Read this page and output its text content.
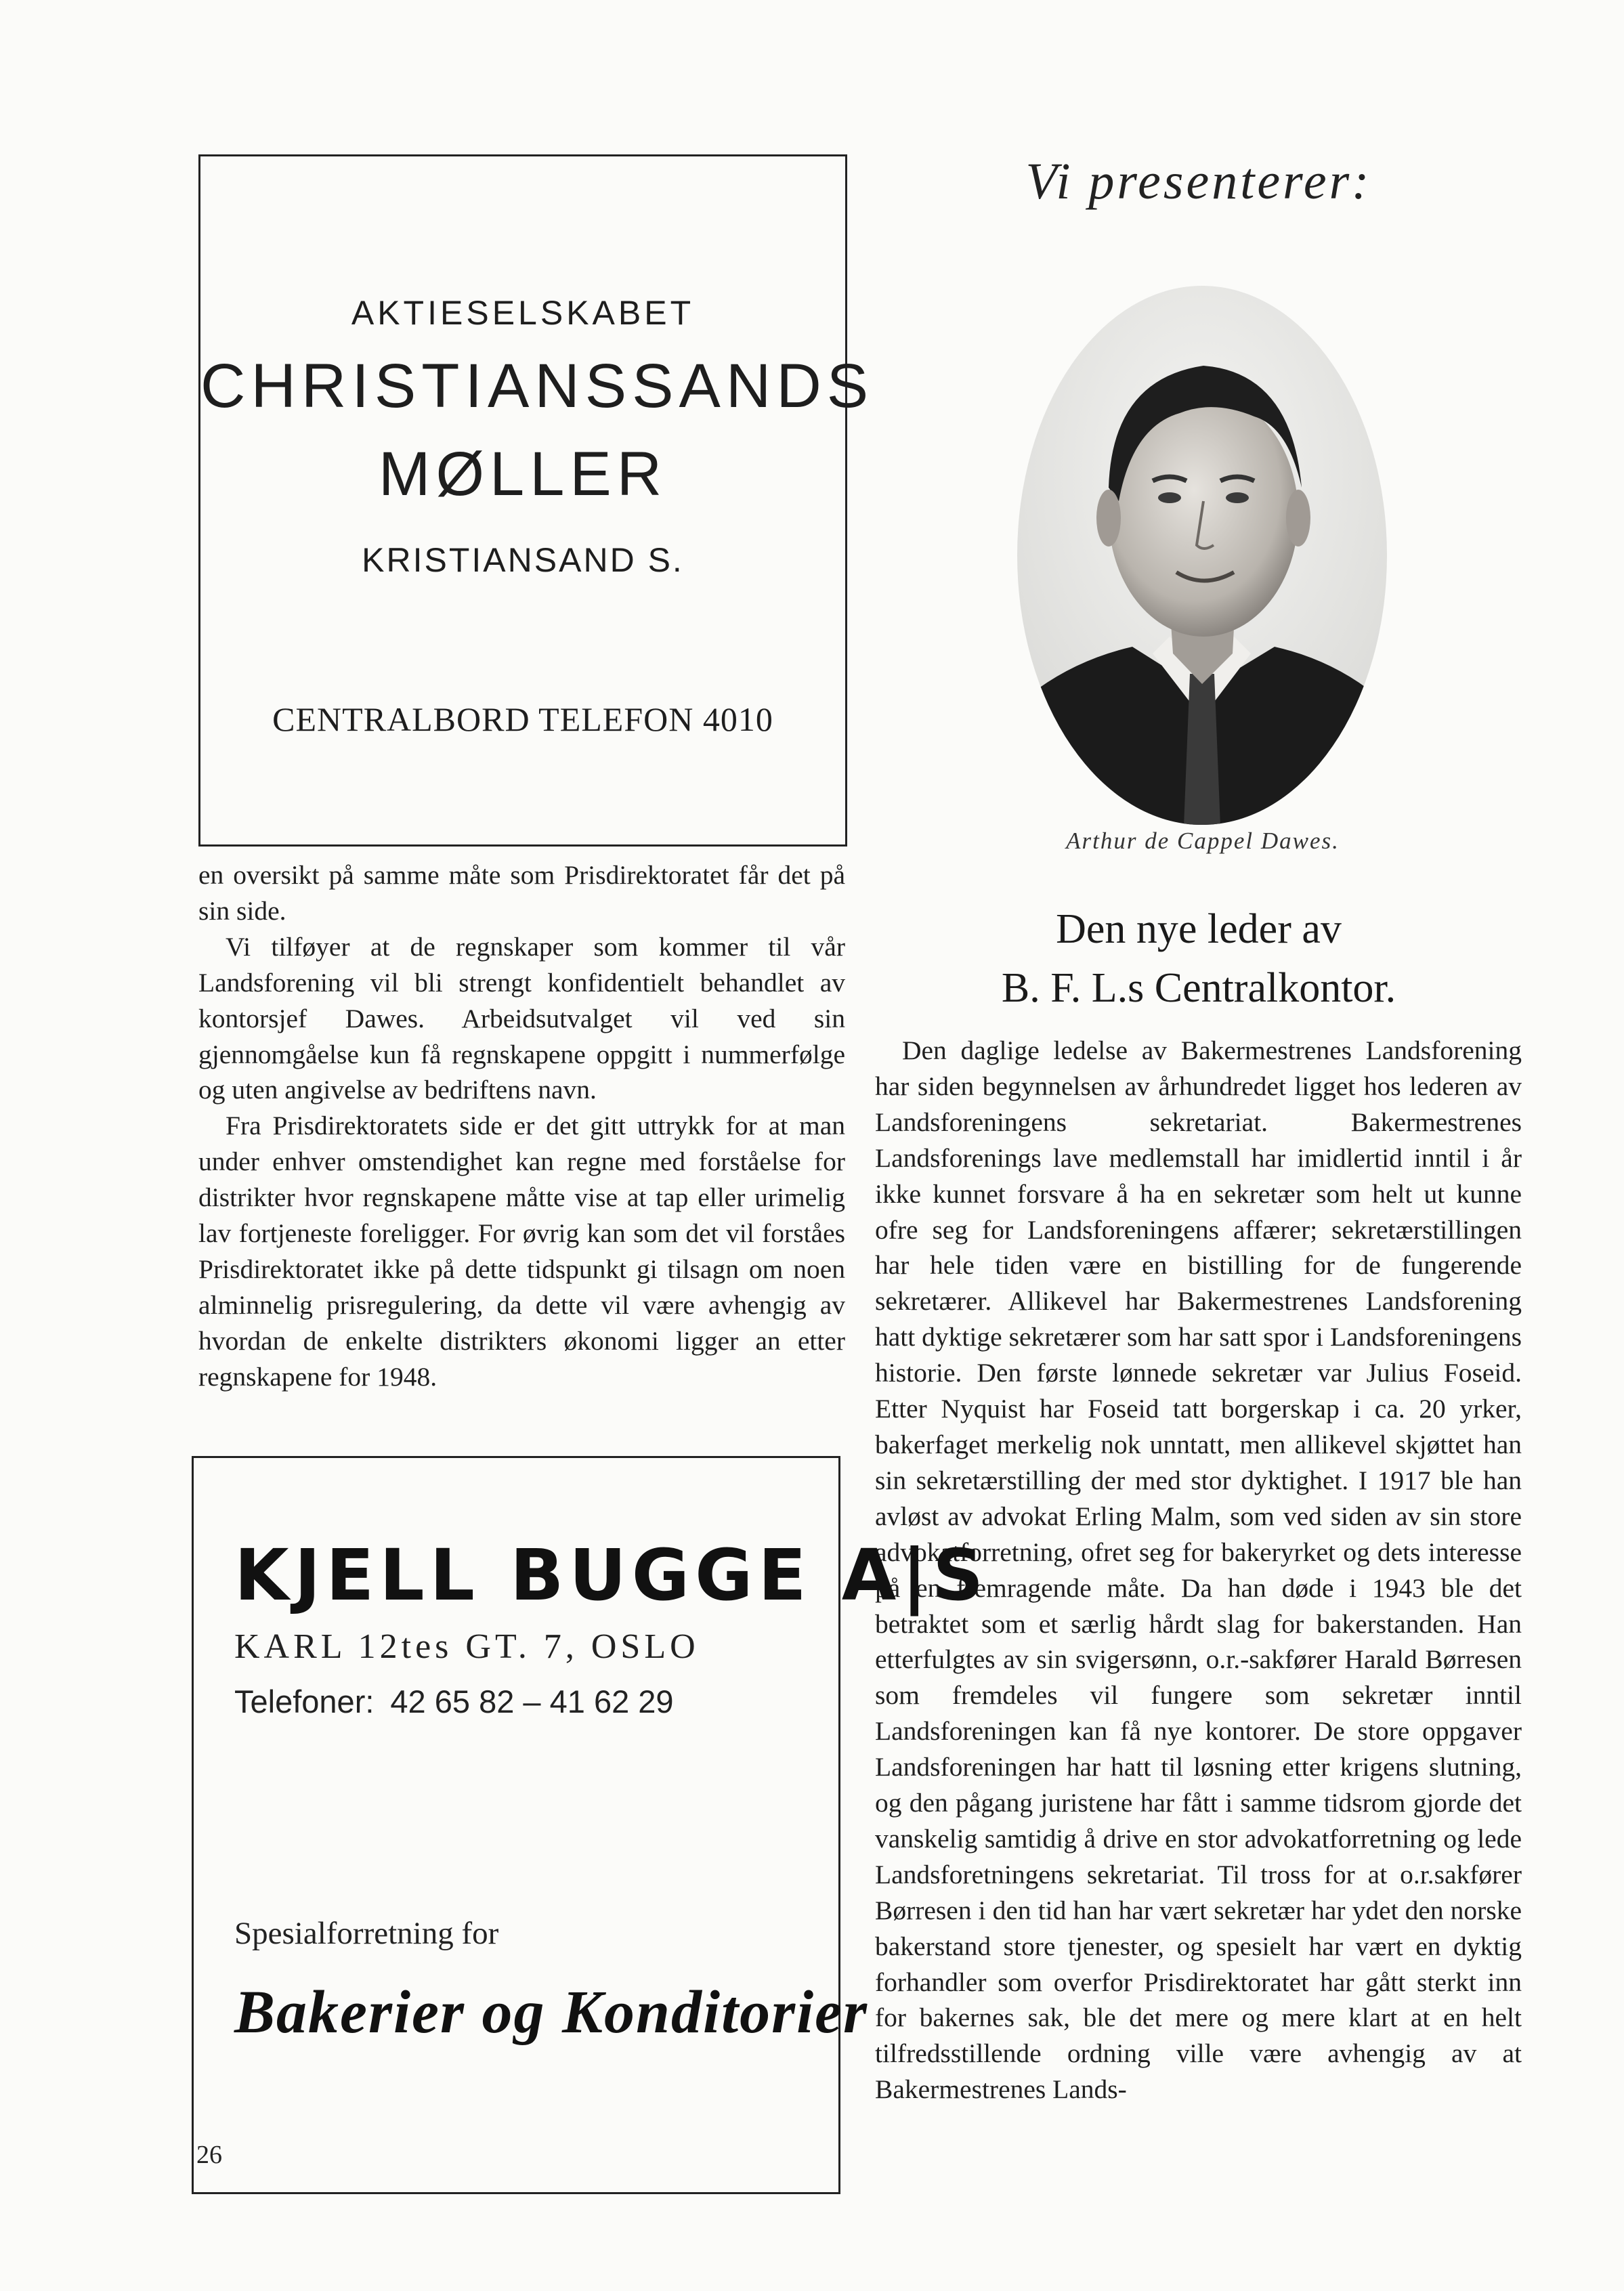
AKTIESELSKABET
CHRISTIANSSANDS
MØLLER
KRISTIANSAND S.
CENTRALBORD TELEFON 4010
Vi presenterer:
Arthur de Cappel Dawes.
Den nye leder av
B. F. L.s Centralkontor.

en oversikt på samme måte som Prisdirektoratet får det på sin side.

Vi tilføyer at de regnskaper som kommer til vår Landsforening vil bli strengt konfidentielt behandlet av kontorsjef Dawes. Arbeidsutvalget vil ved sin gjennomgåelse kun få regnskapene oppgitt i nummerfølge og uten angivelse av bedriftens navn.

Fra Prisdirektoratets side er det gitt uttrykk for at man under enhver omstendighet kan regne med forståelse for distrikter hvor regnskapene måtte vise at tap eller urimelig lav fortjeneste foreligger. For øvrig kan som det vil forståes Prisdirektoratet ikke på dette tidspunkt gi tilsagn om noen alminnelig prisregulering, da dette vil være avhengig av hvordan de enkelte distrikters økonomi ligger an etter regnskapene for 1948.

Den daglige ledelse av Bakermestrenes Landsforening har siden begynnelsen av århundredet ligget hos lederen av Landsforeningens sekretariat. Bakermestrenes Landsforenings lave medlemstall har imidlertid inntil i år ikke kunnet forsvare å ha en sekretær som helt ut kunne ofre seg for Landsforeningens affærer; sekretærstillingen har hele tiden være en bistilling for de fungerende sekretærer. Allikevel har Bakermestrenes Landsforening hatt dyktige sekretærer som har satt spor i Landsforeningens historie. Den første lønnede sekretær var Julius Foseid. Etter Nyquist har Foseid tatt borgerskap i ca. 20 yrker, bakerfaget merkelig nok unntatt, men allikevel skjøttet han sin sekretærstilling der med stor dyktighet. I 1917 ble han avløst av advokat Erling Malm, som ved siden av sin store advokatforretning, ofret seg for bakeryrket og dets interesse på en fremragende måte. Da han døde i 1943 ble det betraktet som et særlig hårdt slag for bakerstanden. Han etterfulgtes av sin svigersønn, o.r.-sakfører Harald Børresen som fremdeles vil fungere som sekretær inntil Landsforeningen kan få nye kontorer. De store oppgaver Landsforeningen har hatt til løsning etter krigens slutning, og den pågang juristene har fått i samme tidsrom gjorde det vanskelig samtidig å drive en stor advokatforretning og lede Landsforetningens sekretariat. Til tross for at o.r.sakfører Børresen i den tid han har vært sekretær har ydet den norske bakerstand store tjenester, og spesielt har vært en dyktig forhandler som overfor Prisdirektoratet har gått sterkt inn for bakernes sak, ble det mere og mere klart at en helt tilfredsstillende ordning ville være avhengig av at Bakermestrenes Lands-

KJELL BUGGE A|S
KARL 12tes GT. 7, OSLO
Telefoner: 42 65 82 – 41 62 29
Spesialforretning for
Bakerier og Konditorier
26
